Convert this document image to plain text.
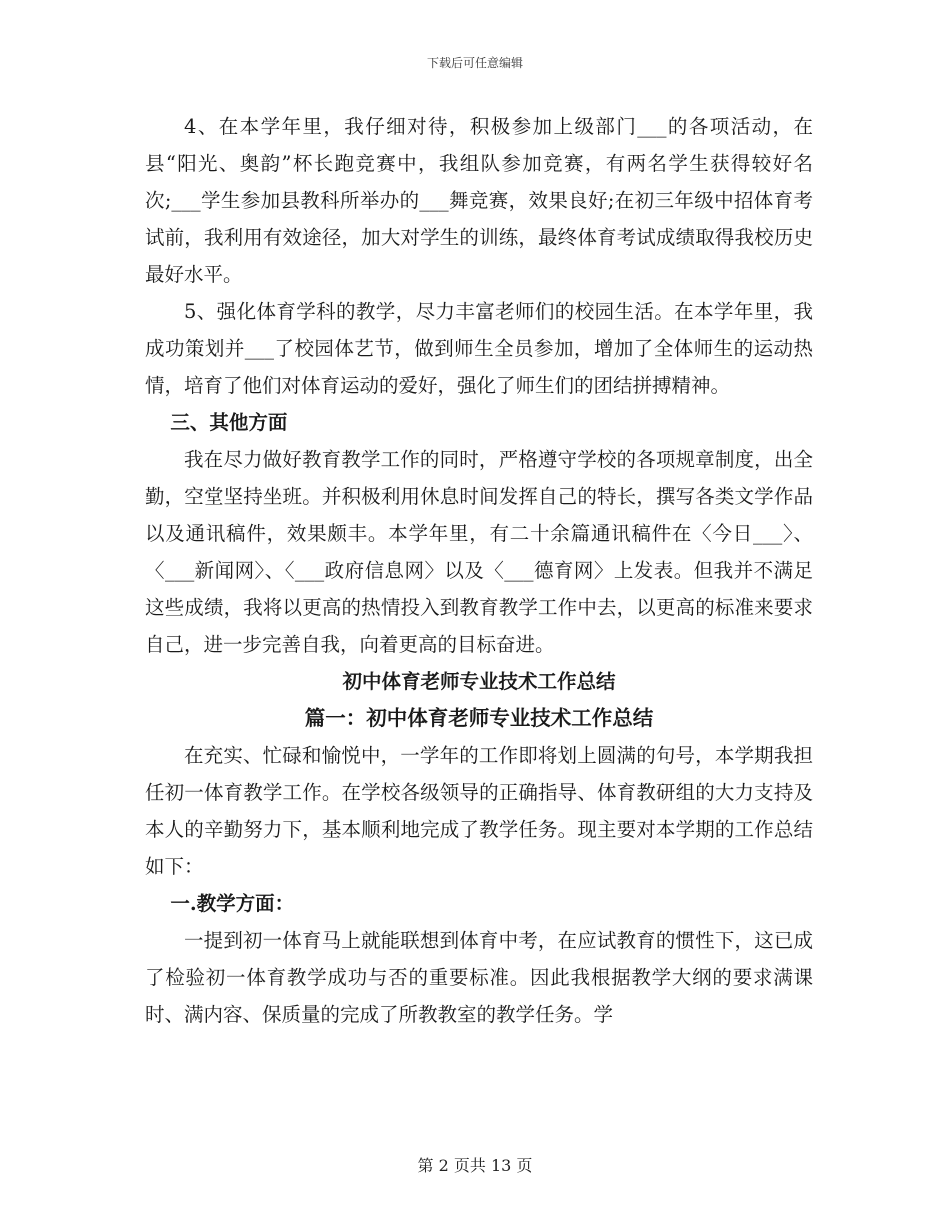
下载后可任意编辑

4、在本学年里，我仔细对待，积极参加上级部门___的各项活动，在县“阳光、奥韵”杯长跑竞赛中，我组队参加竞赛，有两名学生获得较好名次;___学生参加县教科所举办的___舞竞赛，效果良好;在初三年级中招体育考试前，我利用有效途径，加大对学生的训练，最终体育考试成绩取得我校历史最好水平。

5、强化体育学科的教学，尽力丰富老师们的校园生活。在本学年里，我成功策划并___了校园体艺节，做到师生全员参加，增加了全体师生的运动热情，培育了他们对体育运动的爱好，强化了师生们的团结拼搏精神。

三、其他方面

我在尽力做好教育教学工作的同时，严格遵守学校的各项规章制度，出全勤，空堂坚持坐班。并积极利用休息时间发挥自己的特长，撰写各类文学作品以及通讯稿件，效果颇丰。本学年里，有二十余篇通讯稿件在〈今日___〉、〈___新闻网〉、〈___政府信息网〉以及〈___德育网〉上发表。但我并不满足这些成绩，我将以更高的热情投入到教育教学工作中去，以更高的标准来要求自己，进一步完善自我，向着更高的目标奋进。

初中体育老师专业技术工作总结

篇一：初中体育老师专业技术工作总结

在充实、忙碌和愉悦中，一学年的工作即将划上圆满的句号，本学期我担任初一体育教学工作。在学校各级领导的正确指导、体育教研组的大力支持及本人的辛勤努力下，基本顺利地完成了教学任务。现主要对本学期的工作总结如下：

一.教学方面：

一提到初一体育马上就能联想到体育中考，在应试教育的惯性下，这已成了检验初一体育教学成功与否的重要标准。因此我根据教学大纲的要求满课时、满内容、保质量的完成了所教教室的教学任务。学

第 2 页共 13 页
